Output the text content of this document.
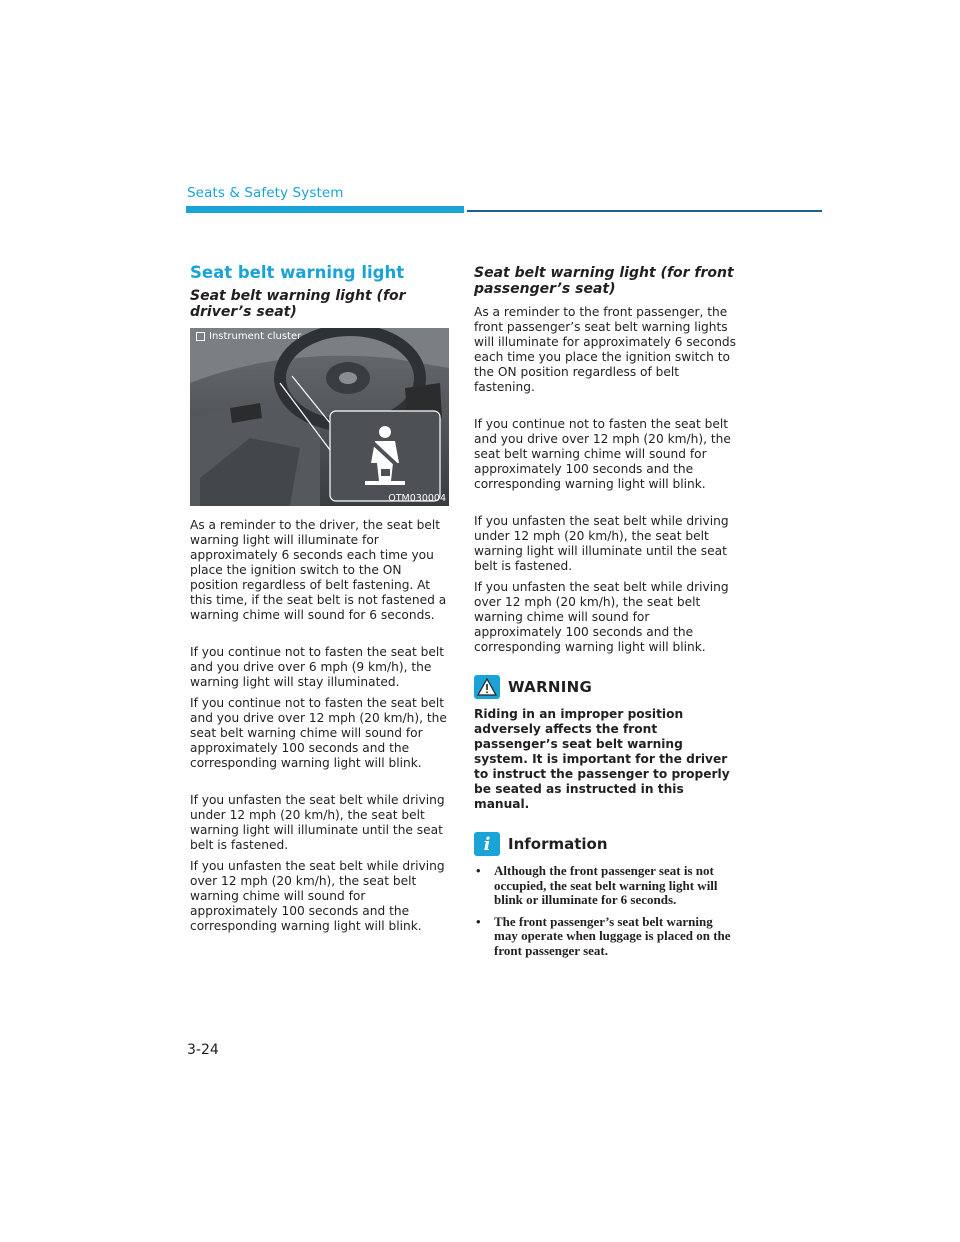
Seats & Safety System
Seat belt warning light
Seat belt warning light (for driver’s seat)
Instrument cluster
OTM030004

As a reminder to the driver, the seat belt warning light will illuminate for approximately 6 seconds each time you place the ignition switch to the ON position regardless of belt fastening. At this time, if the seat belt is not fastened a warning chime will sound for 6 seconds.

If you continue not to fasten the seat belt and you drive over 6 mph (9 km/h), the warning light will stay illuminated.

If you continue not to fasten the seat belt and you drive over 12 mph (20 km/h), the seat belt warning chime will sound for approximately 100 seconds and the corresponding warning light will blink.

If you unfasten the seat belt while driving under 12 mph (20 km/h), the seat belt warning light will illuminate until the seat belt is fastened.

If you unfasten the seat belt while driving over 12 mph (20 km/h), the seat belt warning chime will sound for approximately 100 seconds and the corresponding warning light will blink.

Seat belt warning light (for front passenger’s seat)

As a reminder to the front passenger, the front passenger’s seat belt warning lights will illuminate for approximately 6 seconds each time you place the ignition switch to the ON position regardless of belt fastening.

If you continue not to fasten the seat belt and you drive over 12 mph (20 km/h), the seat belt warning chime will sound for approximately 100 seconds and the corresponding warning light will blink.

If you unfasten the seat belt while driving under 12 mph (20 km/h), the seat belt warning light will illuminate until the seat belt is fastened.

If you unfasten the seat belt while driving over 12 mph (20 km/h), the seat belt warning chime will sound for approximately 100 seconds and the corresponding warning light will blink.

WARNING

Riding in an improper position adversely affects the front passenger’s seat belt warning system. It is important for the driver to instruct the passenger to properly be seated as instructed in this manual.

i	Information
• Although the front passenger seat is not occupied, the seat belt warning light will blink or illuminate for 6 seconds.
• The front passenger’s seat belt warning may operate when luggage is placed on the front passenger seat.
3-24
